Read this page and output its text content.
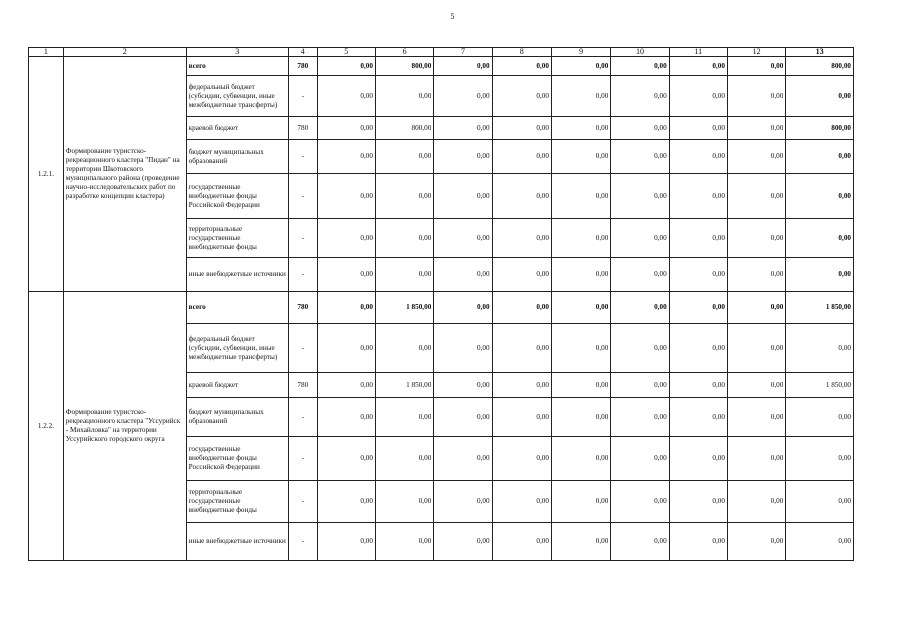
5
1	2	3	4	5	6	7	8	9	10	11	12	13
1.2.1.	Формирование туристско-рекреационного кластера "Пидан" на территории Шкотовского муниципального района (проведение научно-исследовательских работ по разработке концепции кластера)	всего	780	0,00	800,00	0,00	0,00	0,00	0,00	0,00	0,00	800,00
		федеральный бюджет (субсидии, субвенции, иные межбюджетные трансферты)	-	0,00	0,00	0,00	0,00	0,00	0,00	0,00	0,00	0,00
		краевой бюджет	780	0,00	800,00	0,00	0,00	0,00	0,00	0,00	0,00	800,00
		бюджет муниципальных образований	-	0,00	0,00	0,00	0,00	0,00	0,00	0,00	0,00	0,00
		государственные внебюджетные фонды Российской Федерации	-	0,00	0,00	0,00	0,00	0,00	0,00	0,00	0,00	0,00
		территориальные государственные внебюджетные фонды	-	0,00	0,00	0,00	0,00	0,00	0,00	0,00	0,00	0,00
		иные внебюджетные источники	-	0,00	0,00	0,00	0,00	0,00	0,00	0,00	0,00	0,00
1.2.2.	Формирование туристско-рекреационного кластера "Уссурийск - Михайловка" на территории Уссурийского городского округа	всего	780	0,00	1 850,00	0,00	0,00	0,00	0,00	0,00	0,00	1 850,00
		федеральный бюджет (субсидии, субвенции, иные межбюджетные трансферты)	-	0,00	0,00	0,00	0,00	0,00	0,00	0,00	0,00	0,00
		краевой бюджет	780	0,00	1 850,00	0,00	0,00	0,00	0,00	0,00	0,00	1 850,00
		бюджет муниципальных образований	-	0,00	0,00	0,00	0,00	0,00	0,00	0,00	0,00	0,00
		государственные внебюджетные фонды Российской Федерации	-	0,00	0,00	0,00	0,00	0,00	0,00	0,00	0,00	0,00
		территориальные государственные внебюджетные фонды	-	0,00	0,00	0,00	0,00	0,00	0,00	0,00	0,00	0,00
		иные внебюджетные источники	-	0,00	0,00	0,00	0,00	0,00	0,00	0,00	0,00	0,00
